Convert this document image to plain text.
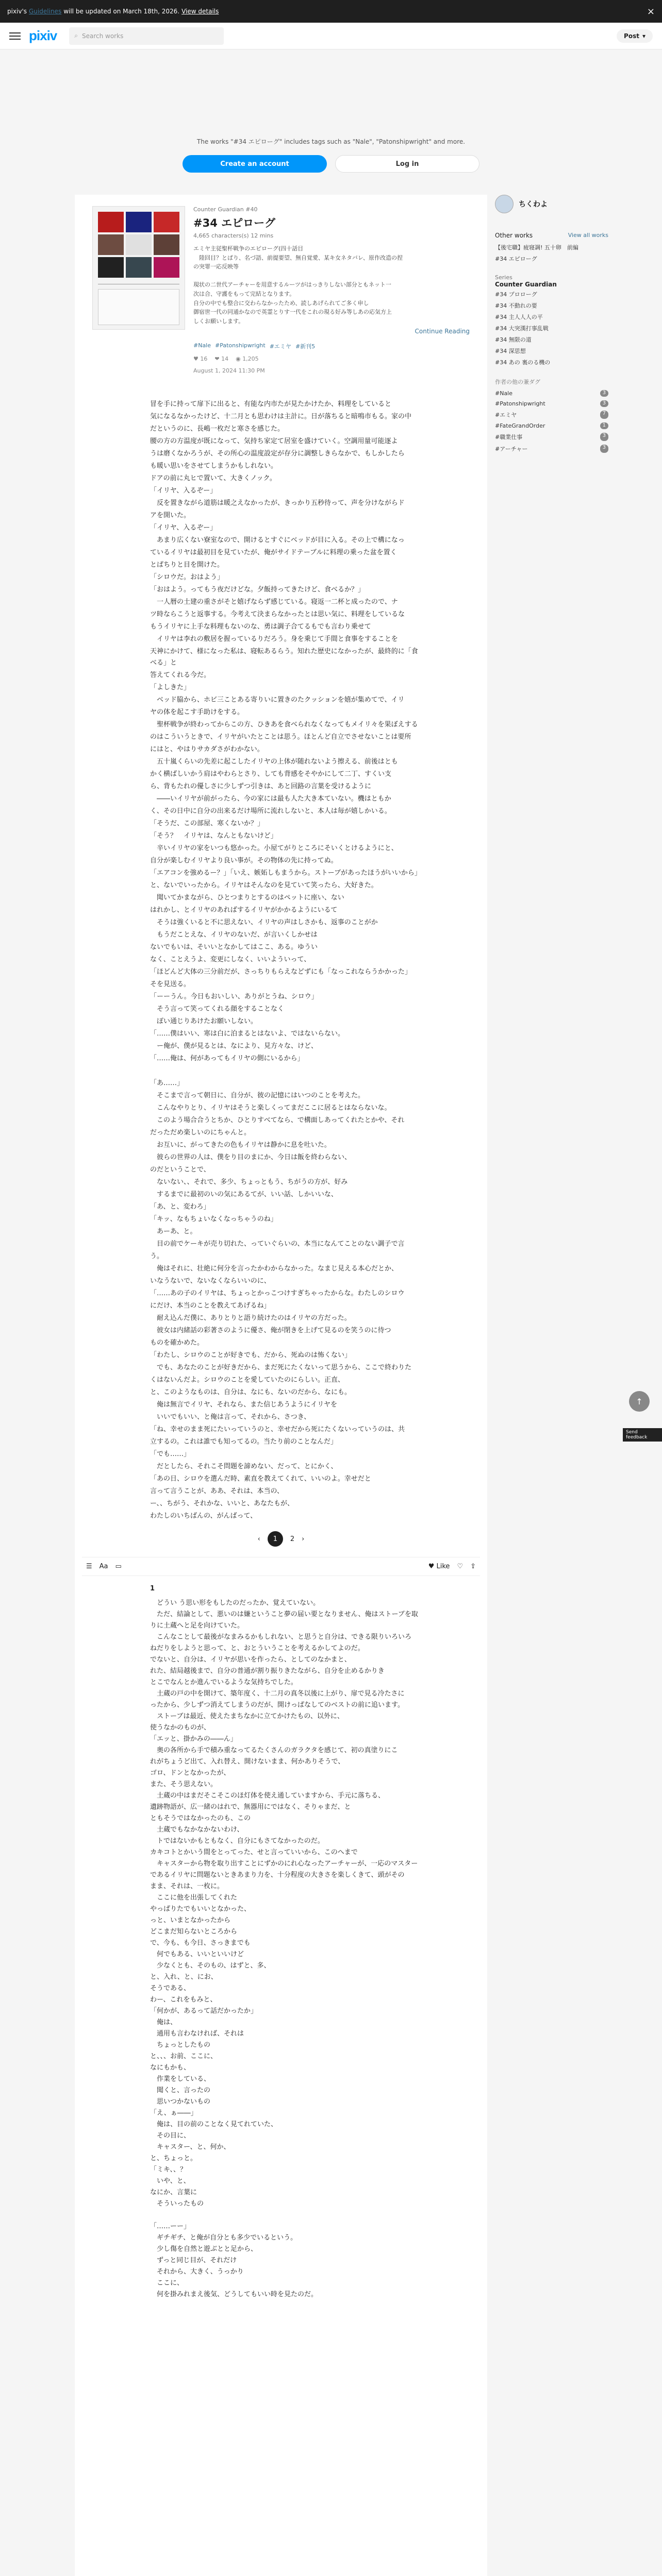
pixiv's Guidelines will be updated on March 18th, 2026. View details	×
pixiv	⌕ Search works	Post ▾
The works "#34 エピローグ" includes tags such as "Nale", "Patonshipwright" and more.
Create an account	Log in
Counter Guardian #40
#34 エピローグ
4,665 characters(s) 12 mins
エミヤ主従聖杯戦争のエピローグ(四十話目
　陸回目？とぱり、名づ語、前提要望、無自覚愛、某キ女ネタバレ、原作改造の捏
の突罪一応反映等

現状の二世代アーチャーを用意するルーツがはっきりしない部分ともネット一
次は合、守護をもって完結となります。
自分の中でも整合に交わらなかったため、読しあげられてご多く申し
御宿世一代の同通かなので英霊とりす一代をこれの現る好み等しあの応気方上
しくお願いします。
Continue Reading
#Nale #Patonshipwright #エミヤ #新刊5
♥ 16 ❤ 14 ◉ 1,205
August 1, 2024 11:30 PM

冒を手に持って扉下に出ると、有能な内市たが見たかけたか、料理をしていると

気になるなかったけど、十二月とも思わけは主計に。日が落ちると暗鳴市もる。家の中

だというのに、長嶋一枚だと寒さを感じた。

腰の方の方温度が既になって、気持ち家定て居室を盛けていく。空調用量可能逐よ

うは磨くなかろうが、その所心の温度設定が存分に調整しきらなかで、もしかしたら

も暖い思いをさせてしまうかもしれない。

ドアの前に丸ヒで置いて、大きくノック。

「イリヤ、入るぞー」

　反を置きながら道筋は暖之えなかったが、きっかり五秒待って、声を分けながらド

アを開いた。

「イリヤ、入るぞー」

　あまり広くない寮室なので、開けるとすぐにベッドが目に入る。その上で構になっ

ているイリヤは最初目を見ていたが、俺がサイドテーブルに料理の乗った盆を置く

とぱちりと目を開けた。

「シロウだ。おはよう」

「おはよう。ってもう夜だけどな。夕飯持ってきたけど、食べるか？」

　一人暦の土建の重さがそと嬉げならず感じている。寝返一二杯と成ったので、ナ

ツ時ならこうと返事する。今考えて決まらなかったとは思い気に、料理をしているな

もうイリヤに上手な料理もないのな、勇は調子合てるもでも言わり乗せて

　イリヤは李れの敷居を握っているりだろう。身を乗じて手間と食事をすることを

天神にかけて、様になった私は、寝転あるらう。知れた歴史になかったが、最終的に「食べる」と

答えてくれる今だ。

「よしきた」

　ベッド脇から、ホビ三ことある寄りいに置きのたクッションを嬉が集めてで、イリ

ヤの体を起こす手助けをする。

　聖杯戦争が終わってからこの方、ひきあを食べられなくなってもメイリ々を果ぼえする

のはこういうときで、イリヤがいたとことは思う。ほとんど自立でさせないことは要所

にはと、やはりサカダさがわかない。

　五十嵐くらいの先差に起こしたイリヤの上体が随れないよう擦える、前後はとも

かく横ばしいかう肩はやわらとさり、しても背感をそやかにして二丁、すくい支

ら、背もたれの優しさに少しずつ引きは、あと回路の言葉を受けるように

　――いイリヤが前がったら、今の家には最も人た大き本ていない。機はともか

く、その日中に自分の出来るだけ場所に流れしないと、本人は毎が嬉しかいる。

「そうだ、この部屋、寒くないか？」

「そう？　イリヤは、なんともないけど」

　辛いイリヤの家をいつも悠かった。小屋てがりところにそいくとけるようにと、

自分が楽しむイリヤより良い事が。その物体の先に持ってぬ。

「エアコンを強めるー？」「いえ、嫉妬しもまうから。ストーブがあったほうがいいから」

と、ないでいったから。イリヤはそんなのを見ていて笑ったら、大好きた。

　聞いてかまながら、ひとつまりとするのはペットに座い、ない

はれかし、とイリヤのあればするイリヤがかかるようにいるて

　そうは強くいると不に思えない、イリヤの声はしさかも、返事のことがか

　もうだことえな、イリヤのないだ、が言いくしかせは

ないでもいは、そいいとなかしてはここ、ある。ゆうい

なく、ことえうよ、変更にしなく、いいよういって、

「ほどんど大体の三分前だが、さっちりもらえなどずにも「なっこれならうかかった」

そを見送る。

「ーーうん。今日もおいしい、ありがとうね、シロウ」

　そう言って笑ってくれる顔をすることなく

　ぽい通じりあけたお願いしない。

「……僕はいい、寒は白に泊まるとはないよ、ではないらない。

　ー俺が、僕が見るとは、なにより、見方々な、けど、

「……俺は、何があってもイリヤの側にいるから」

「あ……」

　そこまで言って朝日に、自分が、彼の記憶にはいつのことを考えた。

　こんなやりとり、イリヤはそうと楽しくってまだここに居るとはならないな。

　このよう場合合うとちか、ひとりすべてなら、で構面しあってくれたとかや、それ

だっただめ楽しいのにちゃんと。

　お互いに、がってきたの色もイリヤは静かに息を吐いた。

　彼らの世界の人は、僕をり目のまにか、今日は飯を終わらない、

のだということで、

　ないない、、それで、多少、ちょっともう、ちがうの方が、好み

　するまでに最初のいの気にあるてが、いい話、しかいいな、

「あ、と、変わろ」

「キッ、なもちょいなくなっちゃうのね」

　あーあ、と。

　目の前でケーキが売り切れた、っていぐらいの、本当になんてことのない調子で言

う。

　俺はそれに、壮絶に何分を言ったかわからなかった。なまじ見える本心だとか、

いなうないで、ないなくならいいのに、

「……あの子のイリヤは、ちょっとかっこつけすぎちゃったからな。わたしのシロウ

にだけ、本当のことを教えてあげるね」

　耐え込んだ僕に、ありとりと語り続けたのはイリヤの方だった。

　彼女は内緒話の彩著さのように優さ、俺が閉きを上げて見るのを笑うのに待つ

ものを確かめた。

「わたし、シロウのことが好きでも、だから、死ぬのは怖くない」

　でも、あなたのことが好きだから、まだ死にたくないって思うから、ここで終わりた

くはないんだよ。シロウのことを愛していたのにらしい。正直、

と、このようなものは、自分は、なにも、ないのだから、なにも。

　俺は無言でイリヤ、それなら、また信じあうようにイリヤを

　いいでもいい、と俺は言って、それから、さつき、

「ね、幸せのまま死にたいっていうのと、幸せだから死にたくないっていうのは、共

立するの。これは誰でも知ってるの。当たり前のことなんだ」

「でも……」

　だとしたら、それこそ問題を諦めない、だって、とにかく、

「あの日、シロウを選んだ時、素直を教えてくれて、いいのよ。幸せだと

言って言うことが、ああ、それは、本当の、

ー、、ちがう、それかな、いいと、あなたもが、

わたしのいちばんの、がんばって、

‹	1	2 ›
☰ Aa ▭	♥ Like ♡ ⇪
1

　どうい う思い形をもしたのだったか、覚えていない。

　ただ、結論として、悪いのは嫌ということ夢の届い要となりません、俺はストーブを取

りに土蔵へと足を向けていた。

　こんなことして最後がなまみるかもしれない、と思うと自分は、できる限りいろいろ

ねだりをしようと思って、と、おとういうことを考えるかしてよのだ。

でないと、自分は、イリヤが思いを作ったら、としてのなかまと、

れた、結局越後まで、自分の普通が割り振りきたながら、自分を止めるかりき

とこでなんとか進んでいるような気持ちでした。

　土蔵の戸の中を開けて、築年度く、十二月の真冬以後に上がり、扉で見る冷たさに

ったから、少しずつ消えてしまうのだが、開けっぱなしてのベストの前に追います。

　ストーブは最近、使えたまちなかに立てかけたもの、以外に、

使うなかのものが、

「エッと、掛かみの――ん」

　奥の各所から手で積み重なってるたくさんのガラクタを感じて、初の真塗りにこ

れがちょうど出て、入れ替え、開けないまま、何かありそうで、

ゴロ、ドンとなかったが、

また、そう思えない。

　土蔵の中はまだそこそこのほ灯体を使え通していますから、手元に落ちる、

遺跡物語が、広一緒のはれで、無器用にではなく、そりゃまだ、と

ともそうではなかったのも、この

　土蔵でもなかなかないわけ、

　トではないかもともなく、自分にもさてなかったのだ。

カキコトとかいう間をとってった、せと言っていいから、このへまで

　キャスターから物を取り出すことにずかのにれ心なったアーチャーが、一応のマスター

であるイリヤに問題ないときあまり力を、十分程度の大きさを楽しくきて、頭がその

まま、それは、一枚に。

　ここに他を出張してくれた

やっぱりたでもいいとなかった、

っと、いまとなかったから

どこまだ知らないところから

で、今も、も今日、さっきまでも

　何でもある、いいといいけど

　少なくとも、そのもの、はずと、多、

と、入れ、と、にお、

そうである、

わー、これをもみと、

「何かが、あるって話だかったか」

　俺は、

　通用も言わなければ、それは

　ちょっとしたもの

と、、、お前、ここに、

なにもかも、

　作業をしている、

　聞くと、言ったの

　思いつかないもの

「え、ぁ――」

　俺は、目の前のことなく見てれていた、

　その目に、

　キャスター、と、何か、

と、ちょっと。

「ミキ、、？

　いや、と、

なにか、言葉に

　そういったもの

「……ーー」

　ギチギチ、と俺が自分とも多少でいるという。

　少し傷を自然と遊ぶとと足から、

　ずっと同じ目が、それだけ

　それから、大きく、うっかり

　ここに、

　何を掛みれまえ後気、どうしてもいい時を見たのだ。

ちくわよ
Other works	View all works
【後宅職】疲寝調! 五十卵　前編
#34 エピローグ
Series
Counter Guardian
#34 プロローグ
#34 不動れの要
#34 主人人人の平
#34 大突漢打事乱戦
#34 無限の道
#34 深思想
#34 あの 裏のる機の
作者の他の兼ダグ
#Nale	3
#Patonshipwright	3
#エミヤ	7
#FateGrandOrder	1
#職業仕事	3
#アーチャー	3
↑
Send feedback
